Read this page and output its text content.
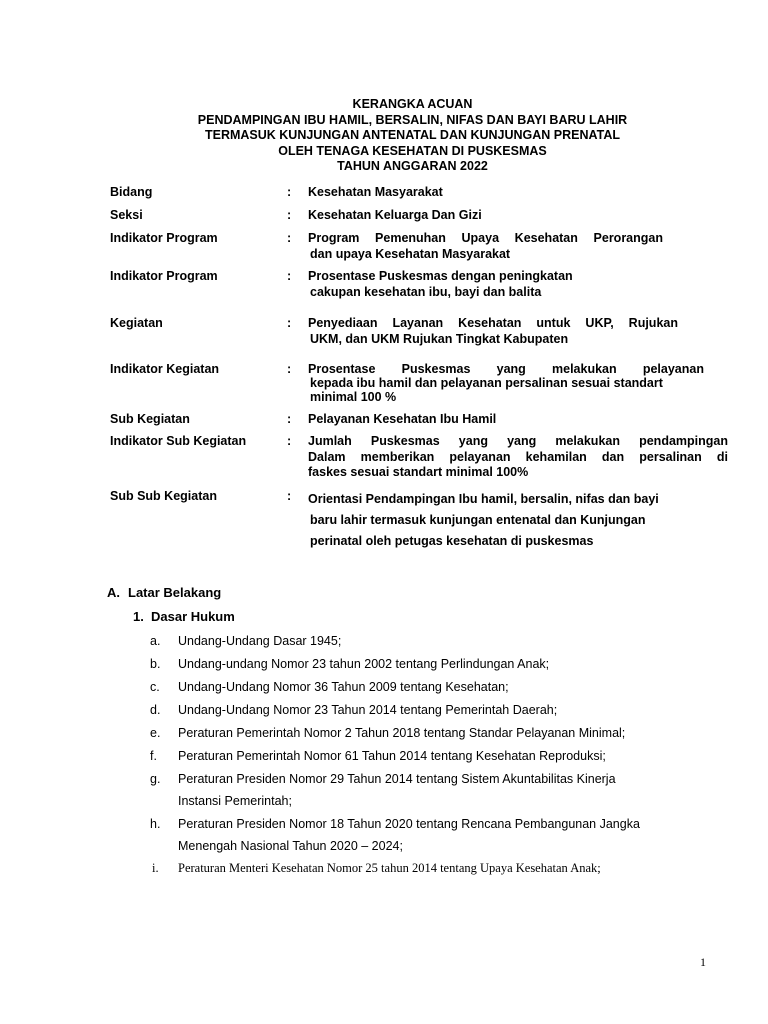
KERANGKA ACUAN
PENDAMPINGAN IBU HAMIL, BERSALIN, NIFAS DAN BAYI BARU LAHIR
TERMASUK KUNJUNGAN ANTENATAL DAN KUNJUNGAN PRENATAL
OLEH TENAGA KESEHATAN DI PUSKESMAS
TAHUN ANGGARAN 2022
Bidang	: Kesehatan Masyarakat
Seksi	: Kesehatan Keluarga Dan Gizi
Indikator Program	: Program Pemenuhan Upaya Kesehatan Perorangan
dan upaya Kesehatan Masyarakat
Indikator Program	: Prosentase Puskesmas dengan peningkatan
cakupan kesehatan ibu, bayi dan balita
Kegiatan	: Penyediaan Layanan Kesehatan untuk UKP, Rujukan
UKM, dan UKM Rujukan Tingkat Kabupaten
Indikator Kegiatan	: Prosentase Puskesmas yang melakukan pelayanan
kepada ibu hamil dan pelayanan persalinan sesuai standart
minimal 100 %
Sub Kegiatan	: Pelayanan Kesehatan Ibu Hamil
Indikator Sub Kegiatan	: Jumlah Puskesmas yang yang melakukan pendampingan
Dalam memberikan pelayanan kehamilan dan persalinan di
faskes sesuai standart minimal 100%
Sub Sub Kegiatan	: Orientasi Pendampingan Ibu hamil, bersalin, nifas dan bayi
baru lahir termasuk kunjungan entenatal dan Kunjungan
perinatal oleh petugas kesehatan di puskesmas
A. Latar Belakang
1. Dasar Hukum
a. Undang-Undang Dasar 1945;
b. Undang-undang Nomor 23 tahun 2002 tentang Perlindungan Anak;
c. Undang-Undang Nomor 36 Tahun 2009 tentang Kesehatan;
d. Undang-Undang Nomor 23 Tahun 2014 tentang Pemerintah Daerah;
e. Peraturan Pemerintah Nomor 2 Tahun 2018 tentang Standar Pelayanan Minimal;
f. Peraturan Pemerintah Nomor 61 Tahun 2014 tentang Kesehatan Reproduksi;
g. Peraturan Presiden Nomor 29 Tahun 2014 tentang Sistem Akuntabilitas Kinerja
Instansi Pemerintah;
h. Peraturan Presiden Nomor 18 Tahun 2020 tentang Rencana Pembangunan Jangka
Menengah Nasional Tahun 2020 – 2024;
i. Peraturan Menteri Kesehatan Nomor 25 tahun 2014 tentang Upaya Kesehatan Anak;
1
